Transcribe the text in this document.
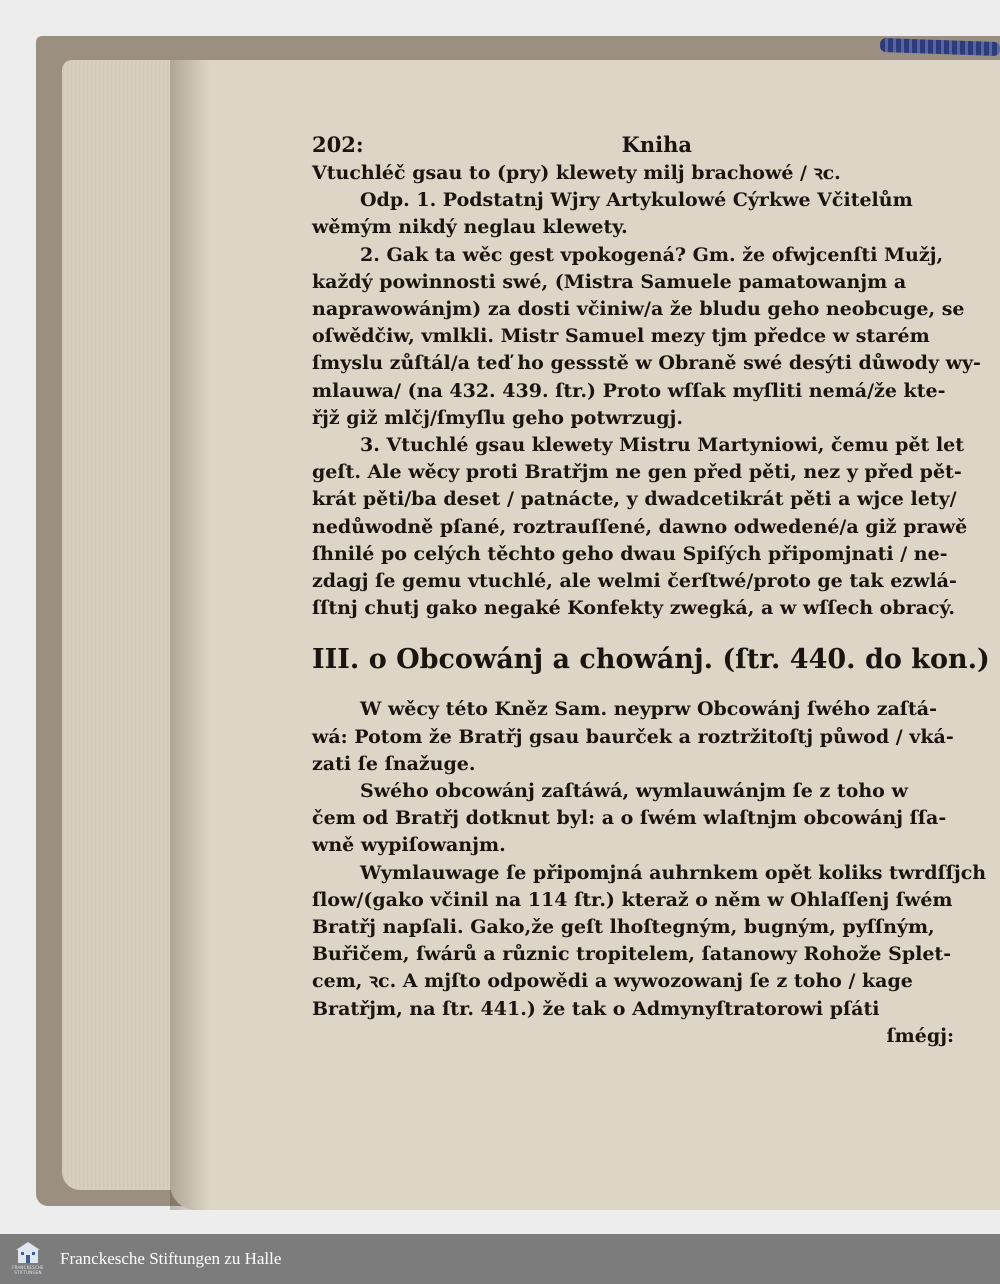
202:	Kniha
Vtuchléč gsau to (pry) klewety milj brachowé / ꝛc.
Odp. 1. Podstatnj Wjry Artykulowé Cýrkwe Včitelům
wěmým nikdý neglau klewety.
2. Gak ta wěc gest vpokogená? Gm. že ofwjcenſti Mužj,
každý powinnosti swé, (Mistra Samuele pamatowanjm a
naprawowánjm) za dosti včiniw/a že bludu geho neobcuge, se
oſwědčiw, vmlkli. Mistr Samuel mezy tjm předce w starém
ſmyslu zůſtál/a teď ho gessstě w Obraně swé desýti důwody wy-
mlauwa/ (na 432. 439. ſtr.) Proto wſſak myſliti nemá/že kte-
řjž giž mlčj/ſmyſlu geho potwrzugj.
3. Vtuchlé gsau klewety Mistru Martyniowi, čemu pět let
geſt. Ale wěcy proti Bratřjm ne gen před pěti, nez y před pět-
krát pěti/ba deset / patnácte, y dwadcetikrát pěti a wjce lety/
nedůwodně pſané, roztrauſſené, dawno odwedené/a giž prawě
ſhnilé po celých těchto geho dwau Spiſých připomjnati / ne-
zdagj ſe gemu vtuchlé, ale welmi čerſtwé/proto ge tak ezwlá-
ſſtnj chutj gako negaké Konfekty zwegká, a w wſſech obracý.
III. o Obcowánj a chowánj. (ſtr. 440. do kon.)
W wěcy této Kněz Sam. neyprw Obcowánj ſwého zaſtá-
wá: Potom že Bratřj gsau baurček a roztržitoſtj půwod / vká-
zati ſe ſnažuge.
Swého obcowánj zaſtáwá, wymlauwánjm ſe z toho w
čem od Bratřj dotknut byl: a o ſwém wlaſtnjm obcowánj ſſa-
wně wypiſowanjm.
Wymlauwage ſe připomjná auhrnkem opět koliks twrdſſjch
ſlow/(gako včinil na 114 ſtr.) kteraž o něm w Ohlaſſenj ſwém
Bratřj napſali. Gako,že geſt lhoſtegným, bugným, pyſſným,
Buřičem, ſwárů a různic tropitelem, ſatanowy Rohože Splet-
cem, ꝛc. A mjſto odpowědi a wywozowanj ſe z toho / kage
Bratřjm, na ſtr. 441.) že tak o Admynyſtratorowi pſáti
ſmégj:
FRANCKESCHE
STIFTUNGEN
Franckesche Stiftungen zu Halle
